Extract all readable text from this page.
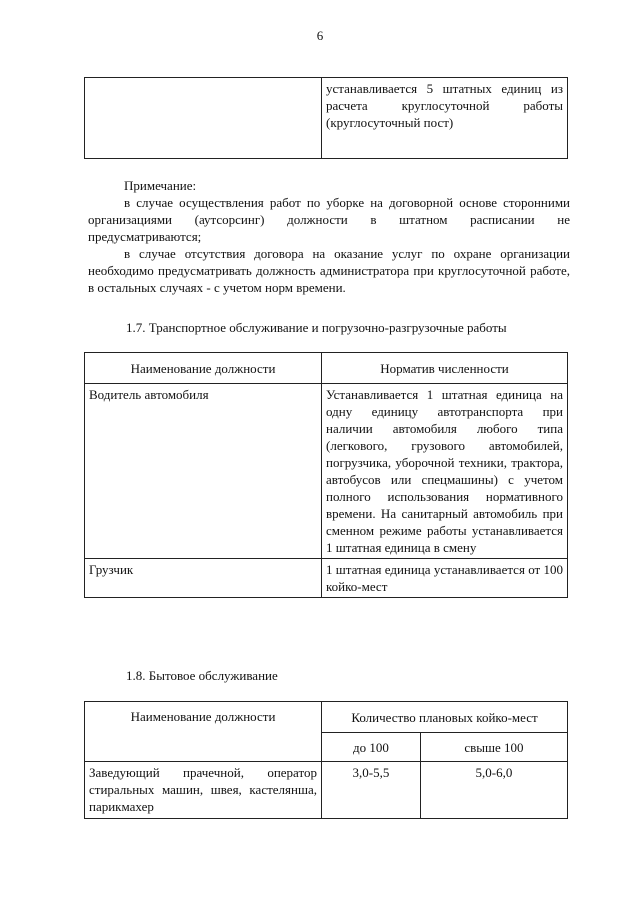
6
	устанавливается 5 штатных единиц из расчета круглосуточной работы (круглосуточный пост)
Примечание:
в случае осуществления работ по уборке на договорной основе сторонними организациями (аутсорсинг) должности в штатном расписании не предусматриваются;
в случае отсутствия договора на оказание услуг по охране организации необходимо предусматривать должность администратора при круглосуточной работе, в остальных случаях - с учетом норм времени.
1.7. Транспортное обслуживание и погрузочно-разгрузочные работы
Наименование должности	Норматив численности
Водитель автомобиля	Устанавливается 1 штатная единица на одну единицу автотранспорта при наличии автомобиля любого типа (легкового, грузового автомобилей, погрузчика, уборочной техники, трактора, автобусов или спецмашины) с учетом полного использования нормативного времени. На санитарный автомобиль при сменном режиме работы устанавливается 1 штатная единица в смену
Грузчик	1 штатная единица устанавливается от 100 койко-мест
1.8. Бытовое обслуживание
Наименование должности	Количество плановых койко-мест	
	до 100	свыше 100
Заведующий прачечной, оператор стиральных машин, швея, кастелянша, парикмахер	3,0-5,5	5,0-6,0
